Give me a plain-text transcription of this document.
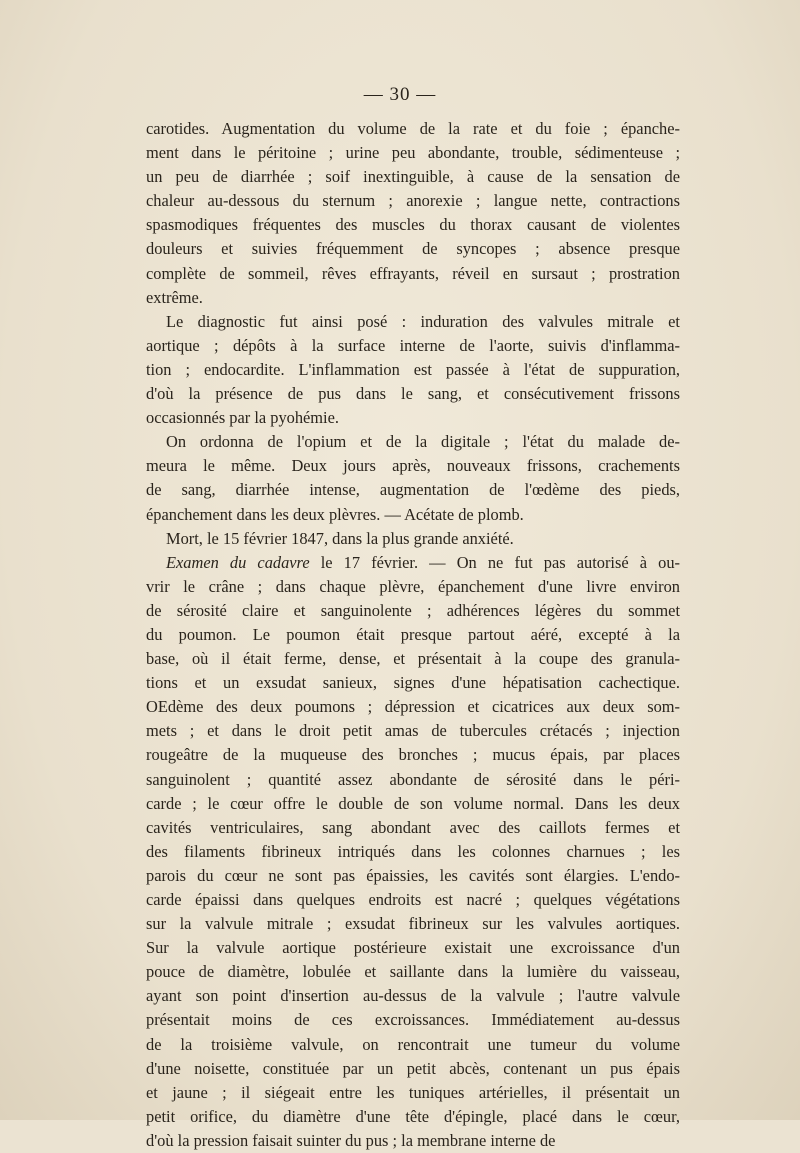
— 30 —
carotides. Augmentation du volume de la rate et du foie ; épanche-
ment dans le péritoine ; urine peu abondante, trouble, sédimenteuse ;
un peu de diarrhée ; soif inextinguible, à cause de la sensation de
chaleur au-dessous du sternum ; anorexie ; langue nette, contractions
spasmodiques fréquentes des muscles du thorax causant de violentes
douleurs et suivies fréquemment de syncopes ; absence presque
complète de sommeil, rêves effrayants, réveil en sursaut ; prostration
extrême.
Le diagnostic fut ainsi posé : induration des valvules mitrale et
aortique ; dépôts à la surface interne de l'aorte, suivis d'inflamma-
tion ; endocardite. L'inflammation est passée à l'état de suppuration,
d'où la présence de pus dans le sang, et consécutivement frissons
occasionnés par la pyohémie.
On ordonna de l'opium et de la digitale ; l'état du malade de-
meura le même. Deux jours après, nouveaux frissons, crachements
de sang, diarrhée intense, augmentation de l'œdème des pieds,
épanchement dans les deux plèvres. — Acétate de plomb.
Mort, le 15 février 1847, dans la plus grande anxiété.
Examen du cadavre le 17 février. — On ne fut pas autorisé à ou-
vrir le crâne ; dans chaque plèvre, épanchement d'une livre environ
de sérosité claire et sanguinolente ; adhérences légères du sommet
du poumon. Le poumon était presque partout aéré, excepté à la
base, où il était ferme, dense, et présentait à la coupe des granula-
tions et un exsudat sanieux, signes d'une hépatisation cachectique.
OEdème des deux poumons ; dépression et cicatrices aux deux som-
mets ; et dans le droit petit amas de tubercules crétacés ; injection
rougeâtre de la muqueuse des bronches ; mucus épais, par places
sanguinolent ; quantité assez abondante de sérosité dans le péri-
carde ; le cœur offre le double de son volume normal. Dans les deux
cavités ventriculaires, sang abondant avec des caillots fermes et
des filaments fibrineux intriqués dans les colonnes charnues ; les
parois du cœur ne sont pas épaissies, les cavités sont élargies. L'endo-
carde épaissi dans quelques endroits est nacré ; quelques végétations
sur la valvule mitrale ; exsudat fibrineux sur les valvules aortiques.
Sur la valvule aortique postérieure existait une excroissance d'un
pouce de diamètre, lobulée et saillante dans la lumière du vaisseau,
ayant son point d'insertion au-dessus de la valvule ; l'autre valvule
présentait moins de ces excroissances. Immédiatement au-dessus
de la troisième valvule, on rencontrait une tumeur du volume
d'une noisette, constituée par un petit abcès, contenant un pus épais
et jaune ; il siégeait entre les tuniques artérielles, il présentait un
petit orifice, du diamètre d'une tête d'épingle, placé dans le cœur,
d'où la pression faisait suinter du pus ; la membrane interne de
